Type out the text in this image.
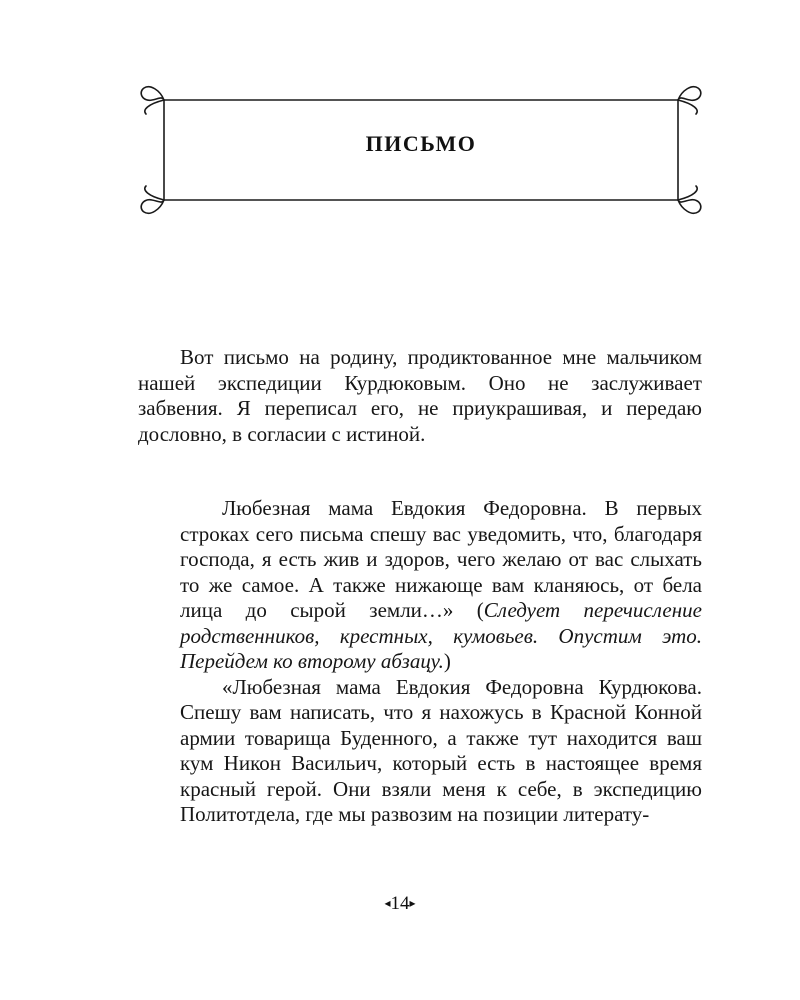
ПИСЬМО

Вот письмо на родину, продиктованное мне мальчиком нашей экспедиции Курдюковым. Оно не заслуживает забвения. Я переписал его, не приукрашивая, и передаю дословно, в согласии с истиной.

Любезная мама Евдокия Федоровна. В первых строках сего письма спешу вас уведомить, что, благодаря господа, я есть жив и здоров, чего желаю от вас слыхать то же самое. А также нижающе вам кланяюсь, от бела лица до сырой земли…» (Следует перечисление родственников, крестных, кумовьев. Опустим это. Перейдем ко второму абзацу.)

«Любезная мама Евдокия Федоровна Курдюкова. Спешу вам написать, что я нахожусь в Красной Конной армии товарища Буденного, а также тут находится ваш кум Никон Васильич, который есть в настоящее время красный герой. Они взяли меня к себе, в экспедицию Политотдела, где мы развозим на позиции литерату-

◂14▸
